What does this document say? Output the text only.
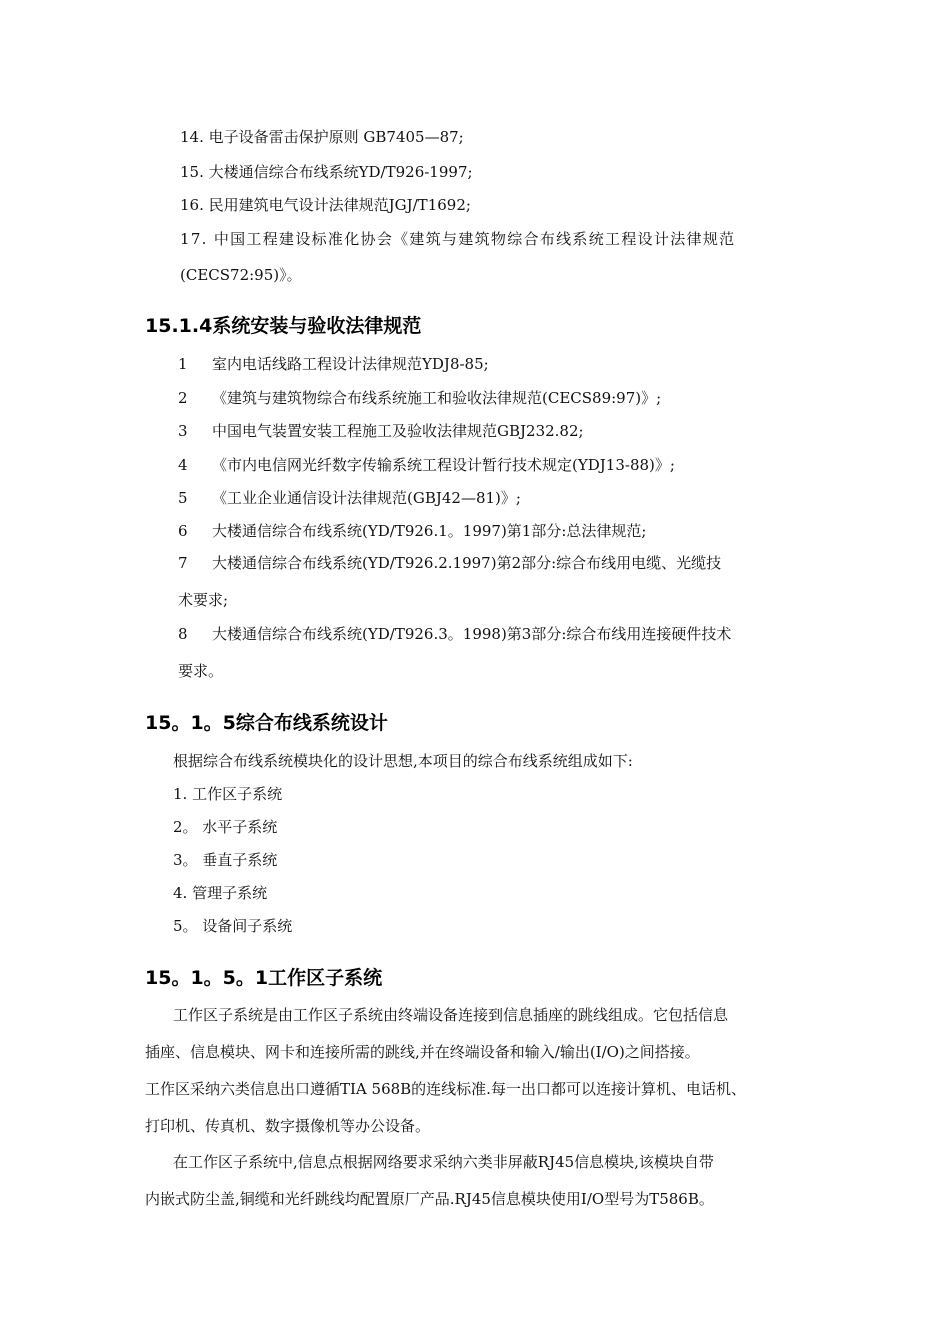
14. 电子设备雷击保护原则 GB7405—87;
15. 大楼通信综合布线系统YD/T926-1997;
16. 民用建筑电气设计法律规范JGJ/T1692;
17. 中国工程建设标准化协会《建筑与建筑物综合布线系统工程设计法律规范
(CECS72:95)》。
15.1.4系统安装与验收法律规范
1 室内电话线路工程设计法律规范YDJ8-85;
2 《建筑与建筑物综合布线系统施工和验收法律规范(CECS89:97)》;
3 中国电气装置安装工程施工及验收法律规范GBJ232.82;
4 《市内电信网光纤数字传输系统工程设计暂行技术规定(YDJ13-88)》;
5 《工业企业通信设计法律规范(GBJ42—81)》;
6 大楼通信综合布线系统(YD/T926.1。1997)第1部分:总法律规范;
7 大楼通信综合布线系统(YD/T926.2.1997)第2部分:综合布线用电缆、光缆技
术要求;
8 大楼通信综合布线系统(YD/T926.3。1998)第3部分:综合布线用连接硬件技术
要求。
15。1。5综合布线系统设计
根据综合布线系统模块化的设计思想,本项目的综合布线系统组成如下:
1. 工作区子系统
2。 水平子系统
3。 垂直子系统
4. 管理子系统
5。 设备间子系统
15。1。5。1工作区子系统
工作区子系统是由工作区子系统由终端设备连接到信息插座的跳线组成。它包括信息
插座、信息模块、网卡和连接所需的跳线,并在终端设备和输入/输出(I/O)之间搭接。
工作区采纳六类信息出口遵循TIA 568B的连线标准.每一出口都可以连接计算机、电话机、
打印机、传真机、数字摄像机等办公设备。
在工作区子系统中,信息点根据网络要求采纳六类非屏蔽RJ45信息模块,该模块自带
内嵌式防尘盖,铜缆和光纤跳线均配置原厂产品.RJ45信息模块使用I/O型号为T586B。
